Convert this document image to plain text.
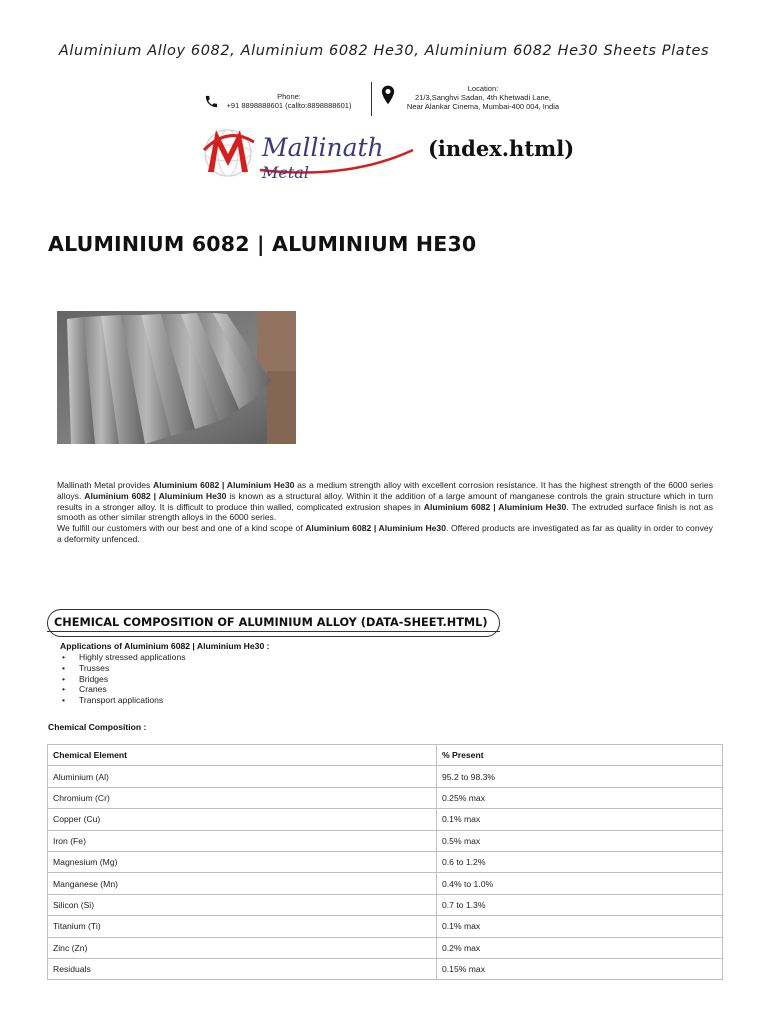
Aluminium Alloy 6082, Aluminium 6082 He30, Aluminium 6082 He30 Sheets Plates
Phone:
+91 8898888601 (callto:8898888601)
Location:
21/3,Sanghvi Sadan, 4th Khetwadi Lane,
Near Alankar Cinema, Mumbai-400 004, India
Mallinath
Metal
(index.html)
ALUMINIUM 6082 | ALUMINIUM HE30
Mallinath Metal provides Aluminium 6082 | Aluminium He30 as a medium strength alloy with excellent corrosion resistance. It has the highest strength of the 6000 series alloys. Aluminium 6082 | Aluminium He30 is known as a structural alloy. Within it the addition of a large amount of manganese controls the grain structure which in turn results in a stronger alloy. It is difficult to produce thin walled, complicated extrusion shapes in Aluminium 6082 | Aluminium He30. The extruded surface finish is not as smooth as other similar strength alloys in the 6000 series.
We fulfill our customers with our best and one of a kind scope of Aluminium 6082 | Aluminium He30. Offered products are investigated as far as quality in order to convey a deformity unfenced.
CHEMICAL COMPOSITION OF ALUMINIUM ALLOY (DATA-SHEET.HTML)
Applications of Aluminium 6082 | Aluminium He30 :
• Highly stressed applications
• Trusses
• Bridges
• Cranes
• Transport applications
Chemical Composition :
Chemical Element	% Present
Aluminium (Al)	95.2 to 98.3%
Chromium (Cr)	0.25% max
Copper (Cu)	0.1% max
Iron (Fe)	0.5% max
Magnesium (Mg)	0.6 to 1.2%
Manganese (Mn)	0.4% to 1.0%
Silicon (Si)	0.7 to 1.3%
Titanium (Ti)	0.1% max
Zinc (Zn)	0.2% max
Residuals	0.15% max
